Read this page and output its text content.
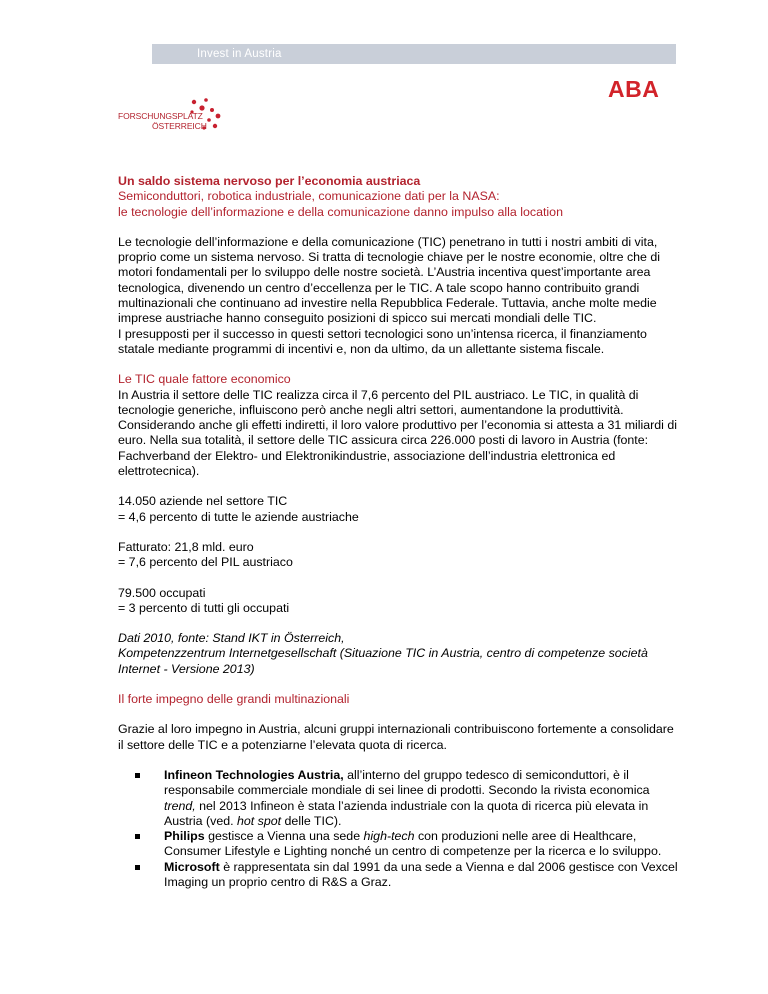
Invest in Austria
ABA
FORSCHUNGSPLATZ
ÖSTERREICH

Un saldo sistema nervoso per l’economia austriaca

Semiconduttori, robotica industriale, comunicazione dati per la NASA:

le tecnologie dell’informazione e della comunicazione danno impulso alla location

Le tecnologie dell’informazione e della comunicazione (TIC) penetrano in tutti i nostri ambiti di vita, proprio come un sistema nervoso. Si tratta di tecnologie chiave per le nostre economie, oltre che di motori fondamentali per lo sviluppo delle nostre società. L’Austria incentiva quest’importante area tecnologica, divenendo un centro d’eccellenza per le TIC. A tale scopo hanno contribuito grandi multinazionali che continuano ad investire nella Repubblica Federale. Tuttavia, anche molte medie imprese austriache hanno conseguito posizioni di spicco sui mercati mondiali delle TIC.

I presupposti per il successo in questi settori tecnologici sono un’intensa ricerca, il finanziamento statale mediante programmi di incentivi e, non da ultimo, da un allettante sistema fiscale.

Le TIC quale fattore economico

In Austria il settore delle TIC realizza circa il 7,6 percento del PIL austriaco. Le TIC, in qualità di tecnologie generiche, influiscono però anche negli altri settori, aumentandone la produttività. Considerando anche gli effetti indiretti, il loro valore produttivo per l’economia si attesta a 31 miliardi di euro. Nella sua totalità, il settore delle TIC assicura circa 226.000 posti di lavoro in Austria (fonte: Fachverband der Elektro- und Elektronikindustrie, associazione dell’industria elettronica ed elettrotecnica).

14.050 aziende nel settore TIC

= 4,6 percento di tutte le aziende austriache

Fatturato: 21,8 mld. euro

= 7,6 percento del PIL austriaco

79.500 occupati

= 3 percento di tutti gli occupati

Dati 2010, fonte: Stand IKT in Österreich,

Kompetenzzentrum Internetgesellschaft (Situazione TIC in Austria, centro di competenze società Internet - Versione 2013)

Il forte impegno delle grandi multinazionali

Grazie al loro impegno in Austria, alcuni gruppi internazionali contribuiscono fortemente a consolidare il settore delle TIC e a potenziarne l’elevata quota di ricerca.

Infineon Technologies Austria, all’interno del gruppo tedesco di semiconduttori, è il responsabile commerciale mondiale di sei linee di prodotti. Secondo la rivista economica trend, nel 2013 Infineon è stata l’azienda industriale con la quota di ricerca più elevata in Austria (ved. hot spot delle TIC).
Philips gestisce a Vienna una sede high-tech con produzioni nelle aree di Healthcare, Consumer Lifestyle e Lighting nonché un centro di competenze per la ricerca e lo sviluppo.
Microsoft è rappresentata sin dal 1991 da una sede a Vienna e dal 2006 gestisce con Vexcel Imaging un proprio centro di R&S a Graz.
